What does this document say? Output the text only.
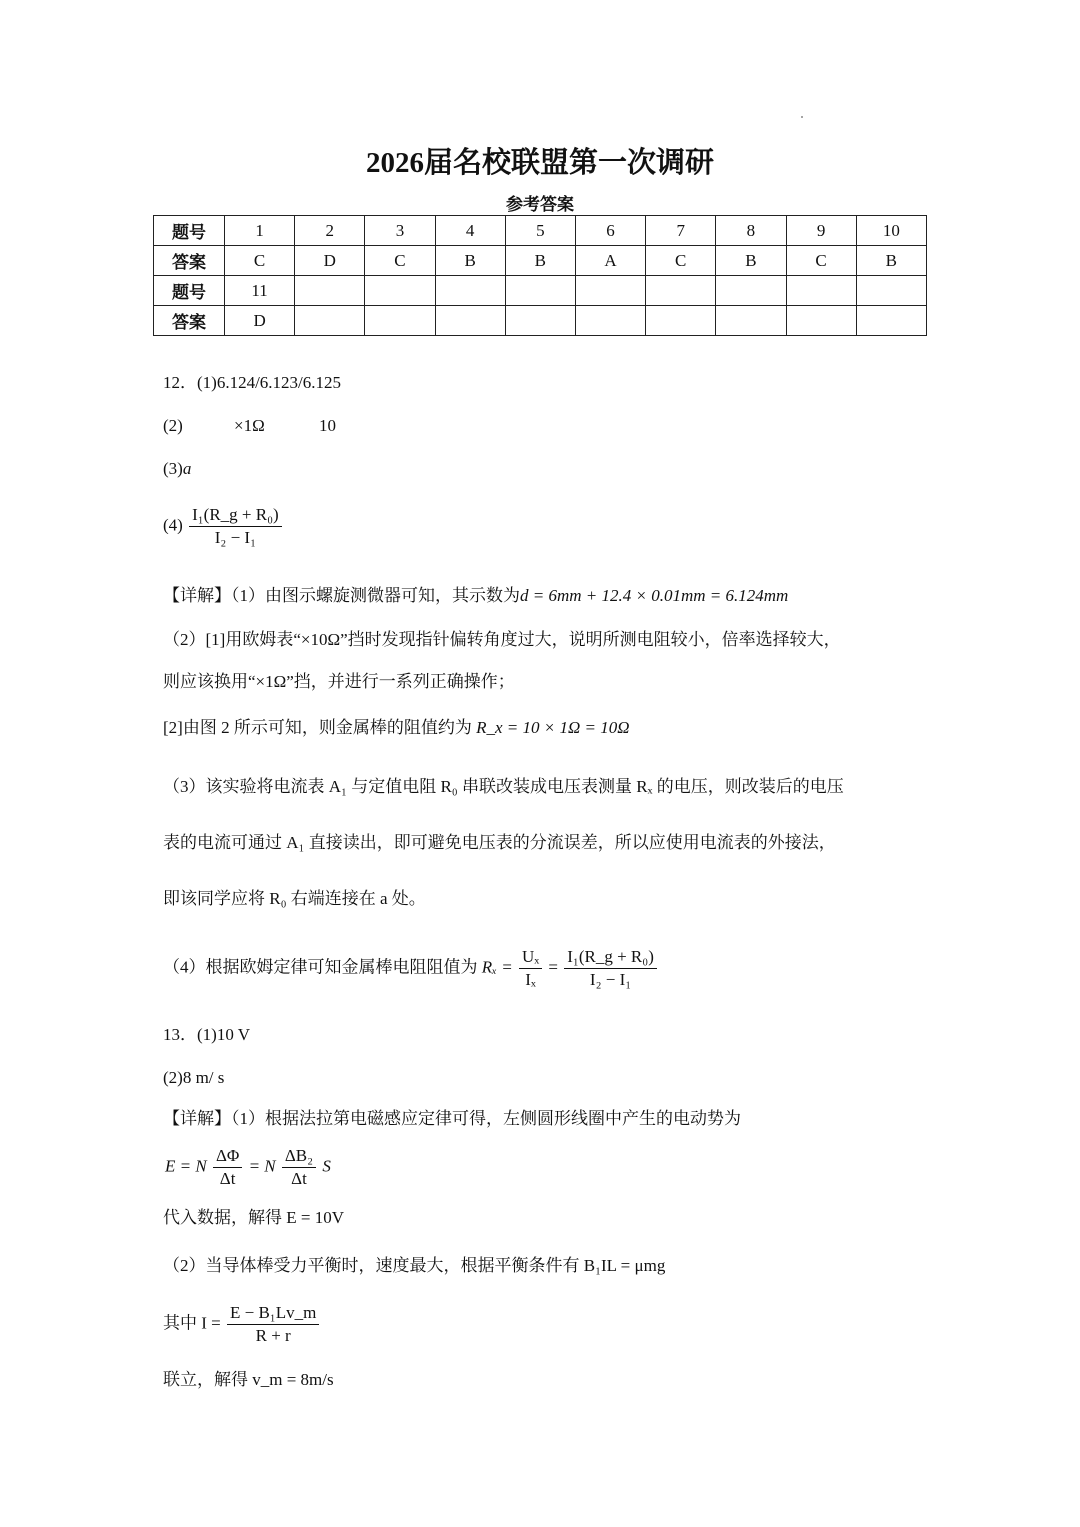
2026届名校联盟第一次调研
参考答案
题号	1	2	3	4	5	6	7	8	9	10
答案	C	D	C	B	B	A	C	B	C	B
题号	11									
答案	D									
12．(1)6.124/6.123/6.125
(2)	×1Ω	10
(3)a
$(4) \frac{\text{I₁(R\_g + R₀)}}{\text{I₂ − I₁}}$
【详解】（1）由图示螺旋测微器可知，其示数为d = 6mm + 12.4 × 0.01mm = 6.124mm
（2）[1]用欧姆表“×10Ω”挡时发现指针偏转角度过大，说明所测电阻较小，倍率选择较大，
则应该换用“×1Ω”挡，并进行一系列正确操作；
[2]由图 2 所示可知，则金属棒的阻值约为 R_x = 10 × 1Ω = 10Ω
（3）该实验将电流表 A₁ 与定值电阻 R₀ 串联改装成电压表测量 Rₓ 的电压，则改装后的电压
表的电流可通过 A₁ 直接读出，即可避免电压表的分流误差，所以应使用电流表的外接法，
即该同学应将 R₀ 右端连接在 a 处。
（4）根据欧姆定律可知金属棒电阻阻值为 $R_x = \frac{\text{Uₓ}}{\text{Iₓ}} = \frac{\text{I₁(R\_g + R₀)}}{\text{I₂ − I₁}}$
13．(1)10 V
(2)8 m/ s
【详解】（1）根据法拉第电磁感应定律可得，左侧圆形线圈中产生的电动势为
E = N $\frac{\Delta\Phi}{\Delta t} = N \frac{\text{ΔB₂}}{\Delta t}$ S
代入数据，解得 E = 10V
（2）当导体棒受力平衡时，速度最大，根据平衡条件有 B₁IL = μmg
其中 $I = \frac{\text{E − B₁Lv\_m}}{R + r}$
联立，解得 v_m = 8m/s
